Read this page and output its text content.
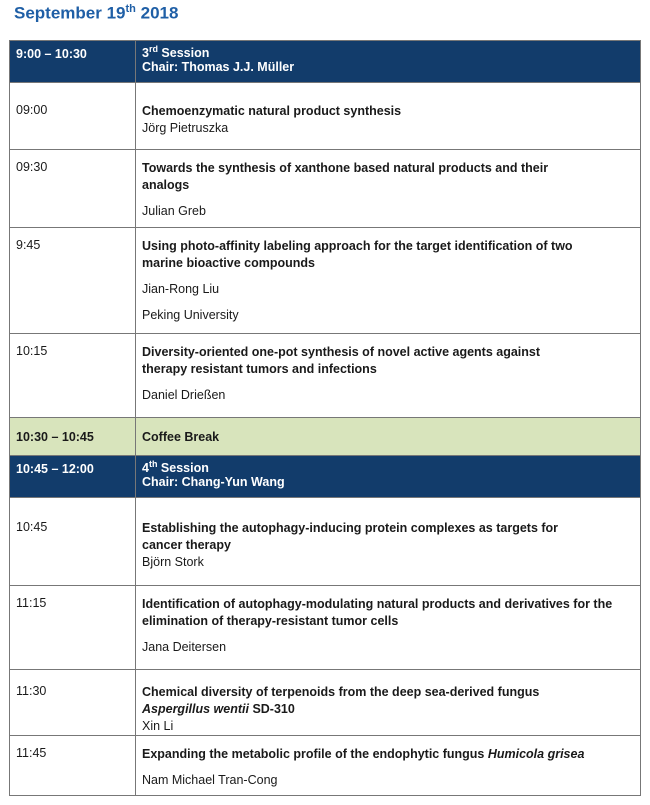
September 19th 2018
9:00 – 10:30	3rd Session
Chair: Thomas J.J. Müller

09:00	Chemoenzymatic natural product synthesis
Jörg Pietruszka

09:30	Towards the synthesis of xanthone based natural products and their analogs
Julian Greb

9:45	Using photo-affinity labeling approach for the target identification of two marine bioactive compounds
Jian-Rong Liu
Peking University

10:15	Diversity-oriented one-pot synthesis of novel active agents against therapy resistant tumors and infections
Daniel Drießen

10:30 – 10:45	Coffee Break
10:45 – 12:00	4th Session
Chair: Chang-Yun Wang

10:45	Establishing the autophagy-inducing protein complexes as targets for cancer therapy
Björn Stork

11:15	Identification of autophagy-modulating natural products and derivatives for the elimination of therapy-resistant tumor cells
Jana Deitersen

11:30	Chemical diversity of terpenoids from the deep sea-derived fungus
Aspergillus wentii SD-310
Xin Li

11:45	Expanding the metabolic profile of the endophytic fungus Humicola grisea
Nam Michael Tran-Cong
